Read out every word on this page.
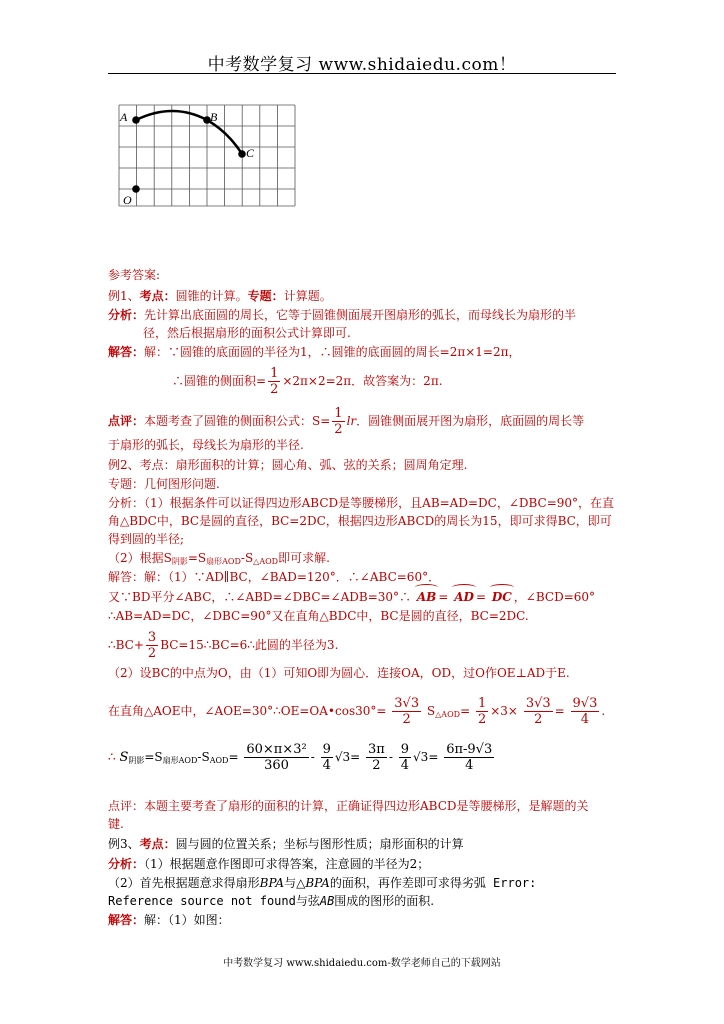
中考数学复习 www.shidaiedu.com！
A	B
C
O
参考答案:
例1、考点：圆锥的计算。专题：计算题。
分析：先计算出底面圆的周长，它等于圆锥侧面展开图扇形的弧长，而母线长为扇形的半
径，然后根据扇形的面积公式计算即可.
解答：解：∵圆锥的底面圆的半径为1，∴圆锥的底面圆的周长=2π×1=2π，
∴圆锥的侧面积= $\frac{1}{2} \times 2\pi\times 2=2\pi$．故答案为：2π.
点评：本题考查了圆锥的侧面积公式：$S= \frac{1}{2}$ lr．圆锥侧面展开图为扇形，底面圆的周长等
于扇形的弧长，母线长为扇形的半径.
例2、考点：扇形面积的计算；圆心角、弧、弦的关系；圆周角定理.
专题：几何图形问题.
分析：（1）根据条件可以证得四边形ABCD是等腰梯形，且AB=AD=DC，∠DBC=90°，在直
角△BDC中，BC是圆的直径，BC=2DC，根据四边形ABCD的周长为15，即可求得BC，即可
得到圆的半径;
（2）根据$S_{阴影}=S_{扇形AOD}-S_{\triangle AOD}$即可求解.
解答：解：（1）∵AD∥BC，∠BAD=120°．∴∠ABC=60°．
又∵BD平分∠ABC，∴∠ABD=∠DBC=∠ADB=30°∴ AB = AD = DC ，∠BCD=60°
∴AB=AD=DC，∠DBC=90°又在直角△BDC中，BC是圆的直径，BC=2DC.
∴BC+ $\frac{3}{2}$ BC=15∴BC=6∴此圆的半径为3.
（2）设BC的中点为O，由（1）可知O即为圆心．连接OA，OD，过O作OE⊥AD于E.
在直角△AOE中，∠AOE=30°∴OE=OA•cos30°= $\frac{3√3}{2} S_{\triangle AOD}= \frac{1}{2} \times 3\times \frac{3√3}{2} = \frac{9√3}{4}$ .
∴ $S_{阴影}=S_{扇形AOD}-S_{AOD}= \frac{\text{60×π×3²}}{360} - \frac{9}{4} √3= \frac{3\pi}{2} - \frac{9}{4} √3= \frac{6\pi-9√3}{4}$
点评：本题主要考查了扇形的面积的计算，正确证得四边形ABCD是等腰梯形，是解题的关
键.
例3、考点：圆与圆的位置关系；坐标与图形性质；扇形面积的计算
分析：（1）根据题意作图即可求得答案，注意圆的半径为2；
（2）首先根据题意求得扇形BPA与△BPA的面积，再作差即可求得劣弧 Error:
Reference source not found与弦AB围成的图形的面积.
解答：解：（1）如图：
中考数学复习 www.shidaiedu.com-数学老师自己的下载网站
